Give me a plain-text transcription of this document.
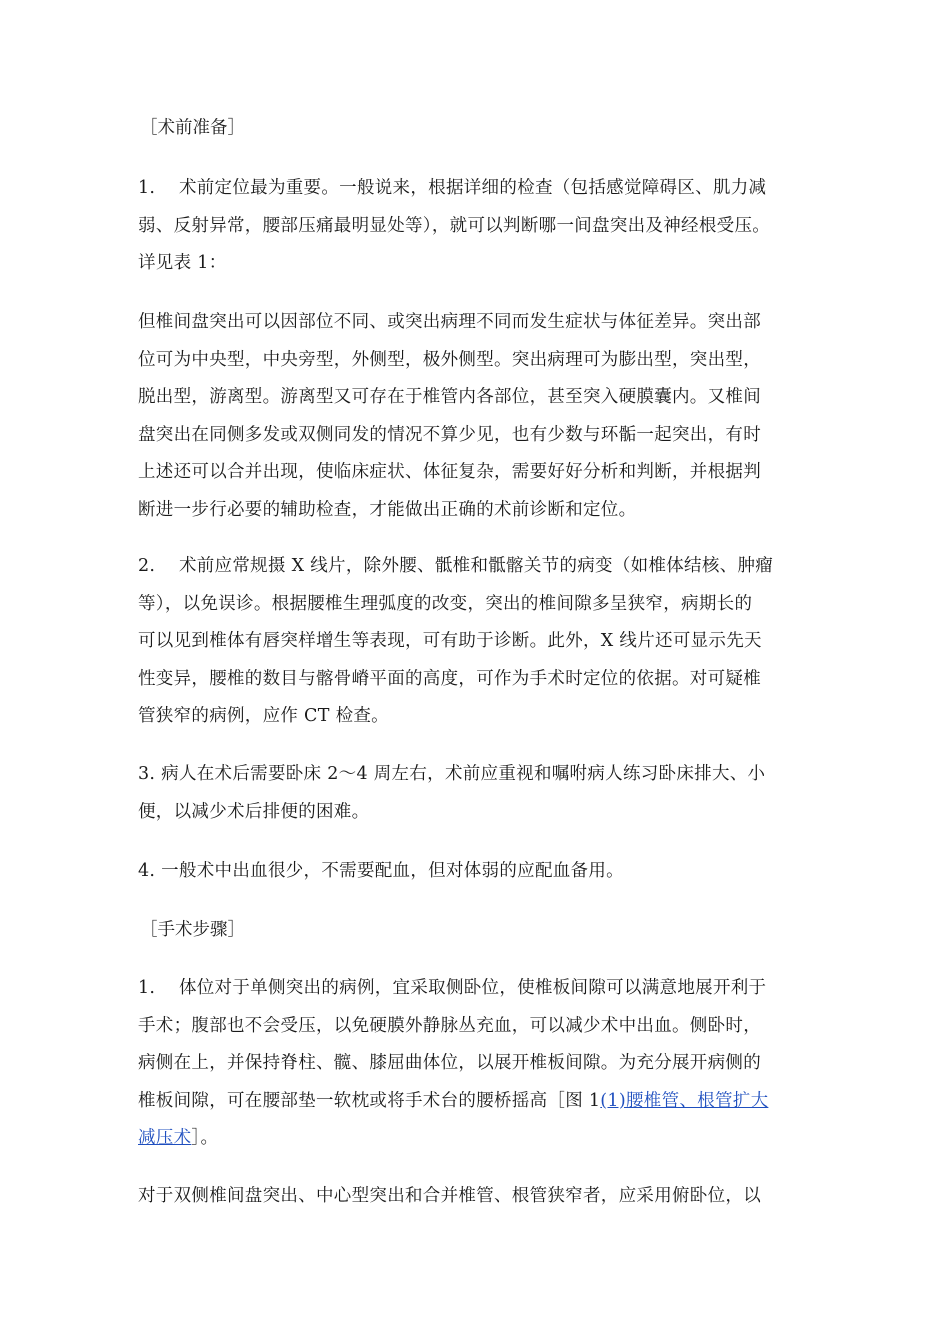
［术前准备］

1.　 术前定位最为重要。一般说来，根据详细的检查（包括感觉障碍区、肌力减
弱、反射异常，腰部压痛最明显处等），就可以判断哪一间盘突出及神经根受压。
详见表 1：
但椎间盘突出可以因部位不同、或突出病理不同而发生症状与体征差异。突出部
位可为中央型，中央旁型，外侧型，极外侧型。突出病理可为膨出型，突出型，
脱出型，游离型。游离型又可存在于椎管内各部位，甚至突入硬膜囊内。又椎间
盘突出在同侧多发或双侧同发的情况不算少见，也有少数与环骺一起突出，有时
上述还可以合并出现，使临床症状、体征复杂，需要好好分析和判断，并根据判
断进一步行必要的辅助检查，才能做出正确的术前诊断和定位。
2.　 术前应常规摄 X 线片，除外腰、骶椎和骶髂关节的病变（如椎体结核、肿瘤
等），以免误诊。根据腰椎生理弧度的改变，突出的椎间隙多呈狭窄，病期长的
可以见到椎体有唇突样增生等表现，可有助于诊断。此外，X 线片还可显示先天
性变异，腰椎的数目与髂骨嵴平面的高度，可作为手术时定位的依据。对可疑椎
管狭窄的病例，应作 CT 检查。
3. 病人在术后需要卧床 2～4 周左右，术前应重视和嘱咐病人练习卧床排大、小
便，以减少术后排便的困难。
4. 一般术中出血很少，不需要配血，但对体弱的应配血备用。

［手术步骤］

1.　 体位对于单侧突出的病例，宜采取侧卧位，使椎板间隙可以满意地展开利于
手术；腹部也不会受压，以免硬膜外静脉丛充血，可以减少术中出血。侧卧时，
病侧在上，并保持脊柱、髋、膝屈曲体位，以展开椎板间隙。为充分展开病侧的
椎板间隙，可在腰部垫一软枕或将手术台的腰桥摇高［图 1(1)腰椎管、根管扩大
减压术］。
对于双侧椎间盘突出、中心型突出和合并椎管、根管狭窄者，应采用俯卧位，以
